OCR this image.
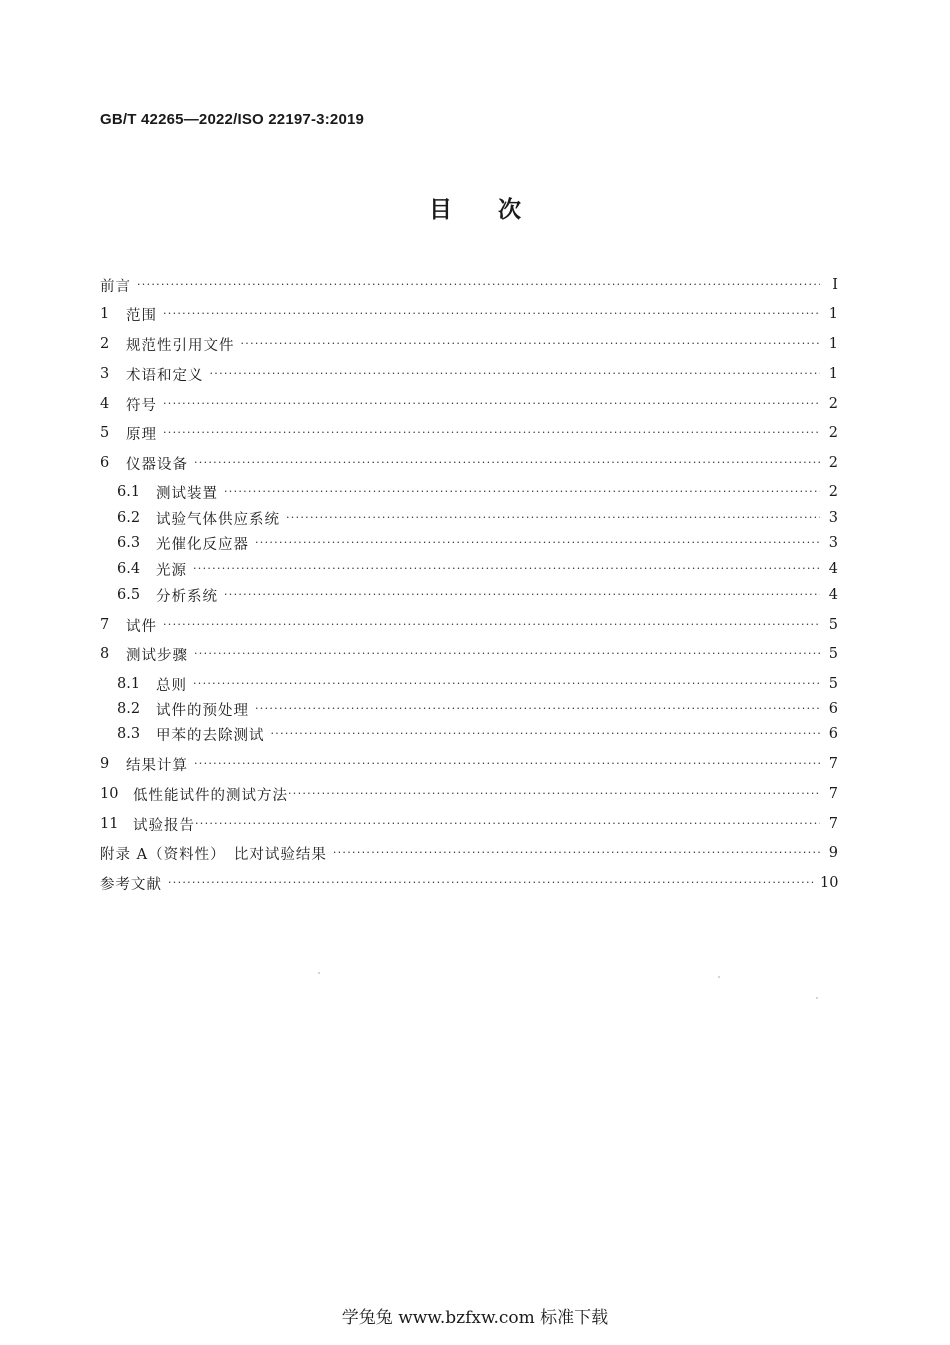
GB/T 42265—2022/ISO 22197-3:2019
目　　次
前言 ·····	Ⅰ
1	范围 ·····	1
2	规范性引用文件 ·····	1
3	术语和定义 ·····	1
4	符号 ·····	2
5	原理 ·····	2
6	仪器设备 ·····	2
6.1	测试装置 ·····	2
6.2	试验气体供应系统 ·····	3
6.3	光催化反应器 ·····	3
6.4	光源 ·····	4
6.5	分析系统 ·····	4
7	试件 ·····	5
8	测试步骤 ·····	5
8.1	总则 ·····	5
8.2	试件的预处理 ·····	6
8.3	甲苯的去除测试 ·····	6
9	结果计算 ·····	7
10	低性能试件的测试方法 ·····	7
11	试验报告 ·····	7
附录 A（资料性）　比对试验结果 ·····	9
参考文献 ·····	10
学兔兔 www.bzfxw.com 标准下载
